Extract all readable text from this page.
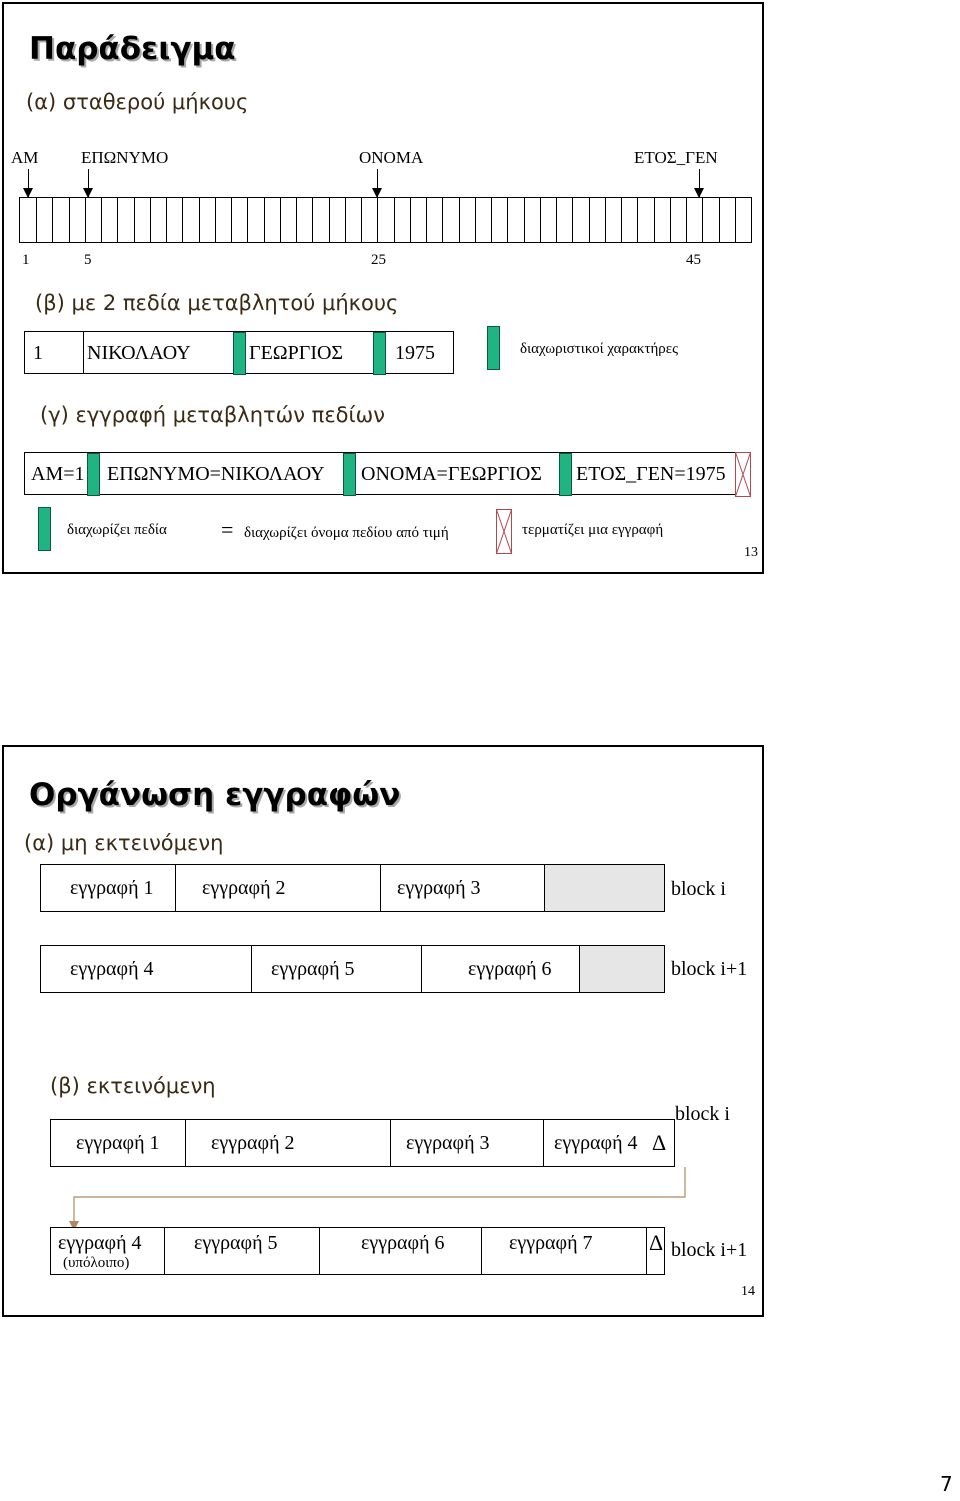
Παράδειγμα
(α) σταθερού μήκους
AM	ΕΠΩΝΥΜΟ	ΟΝΟΜΑ	ΕΤΟΣ_ΓΕΝ
1	5	25	45
(β) με 2 πεδία μεταβλητού μήκους
1 ΝΙΚΟΛΑΟΥ	ΓΕΩΡΓΙΟΣ	1975	διαχωριστικοί χαρακτήρες
(γ) εγγραφή μεταβλητών πεδίων
AM=1 ΕΠΩΝΥΜΟ=ΝΙΚΟΛΑΟΥ ΟΝΟΜΑ=ΓΕΩΡΓΙΟΣ ΕΤΟΣ_ΓΕΝ=1975
διαχωρίζει πεδία = διαχωρίζει όνομα πεδίου από τιμή	τερματίζει μια εγγραφή
13
Οργάνωση εγγραφών
(α) μη εκτεινόμενη
εγγραφή 1 εγγραφή 2	εγγραφή 3	block i
εγγραφή 4	εγγραφή 5	εγγραφή 6	block i+1
(β) εκτεινόμενη
block i
εγγραφή 1	εγγραφή 2	εγγραφή 3	εγγραφή 4 Δ
εγγραφή 4
(υπόλοιπο)
εγγραφή 5	εγγραφή 6	εγγραφή 7	Δ block i+1
14
7
